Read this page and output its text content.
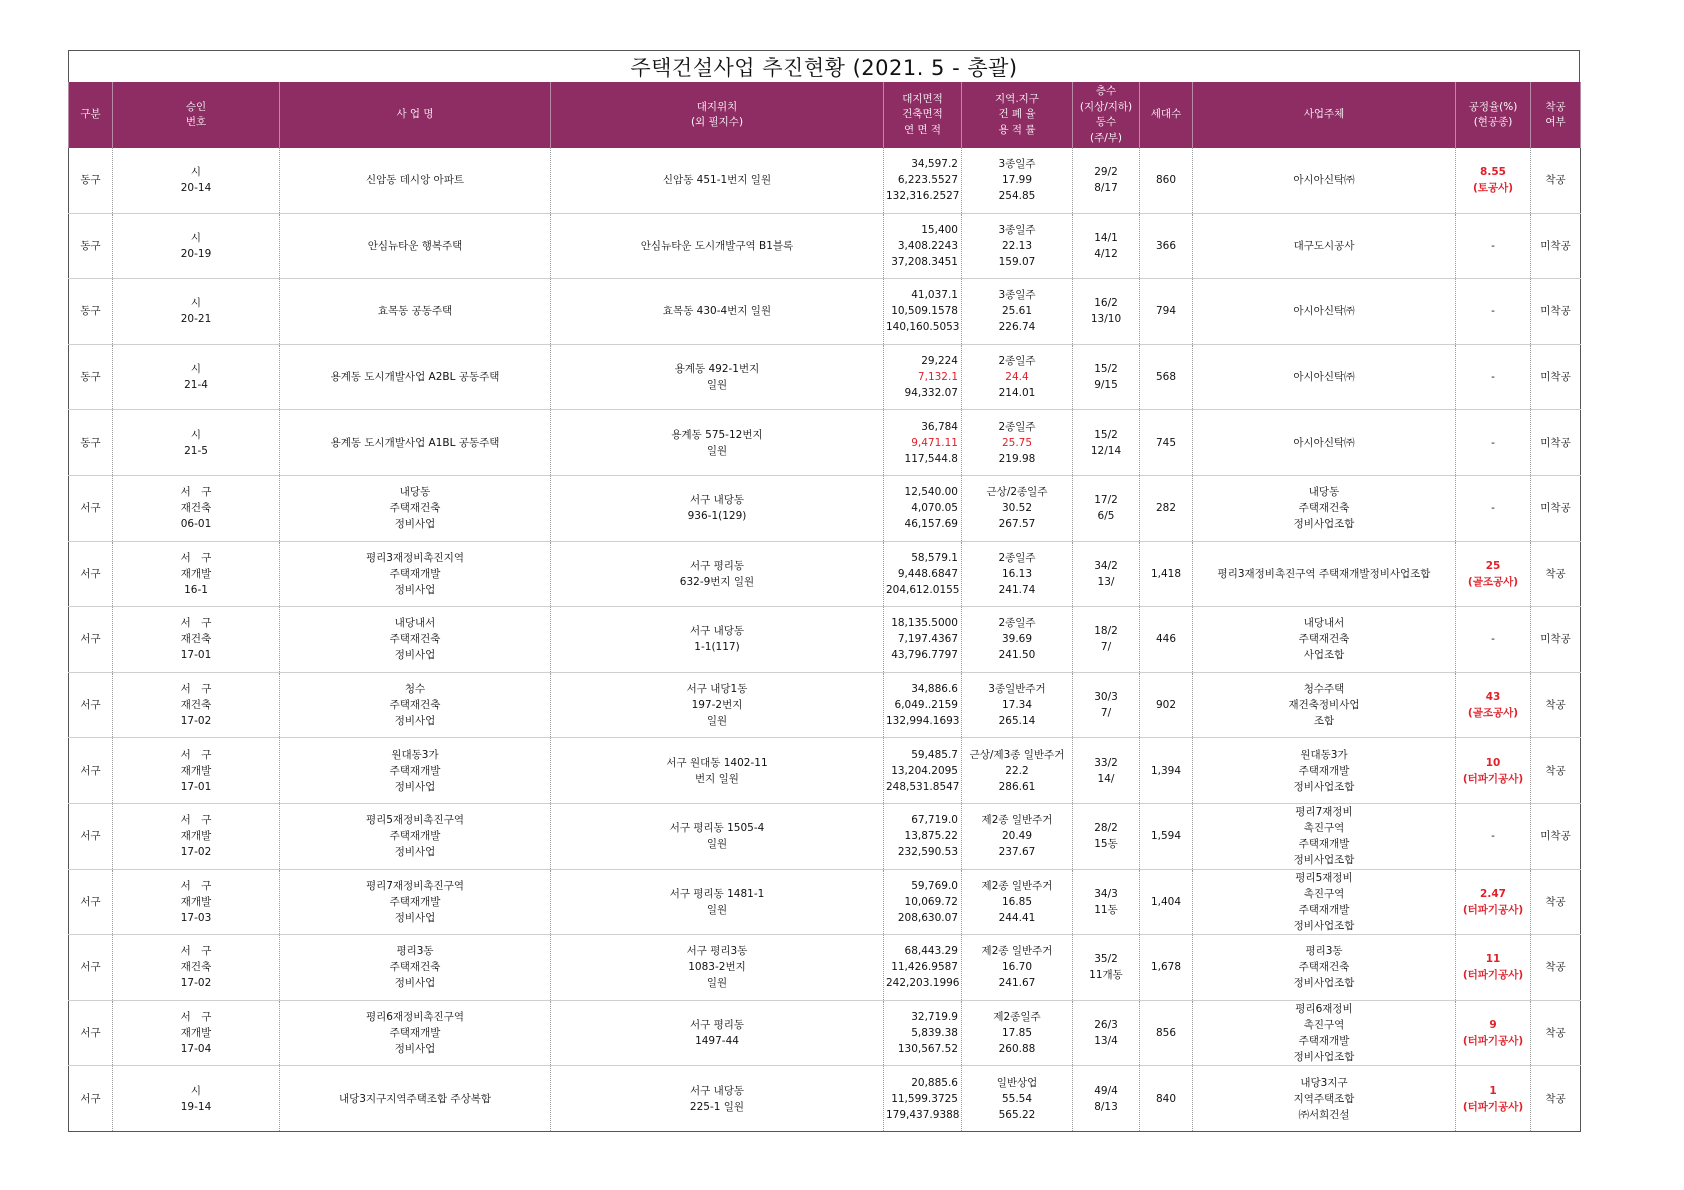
주택건설사업 추진현황 (2021. 5 - 총괄)
구분	승인
번호	사 업 명	대지위치
(외 필지수)	대지면적
건축면적
연 면 적	지역.지구
건 폐 율
용 적 률	층수
(지상/지하)
동수
(주/부)	세대수	사업주체	공정율(%)
(현공종)	착공
여부

동구	시
20-14	신암동 데시앙 아파트	신암동 451-1번지 일원	34,597.2
6,223.5527
132,316.2527	3종일주
17.99
254.85	29/2
8/17	860	아시아신탁㈜	8.55
(토공사)	착공

동구	시
20-19	안심뉴타운 행복주택	안심뉴타운 도시개발구역 B1블록	15,400
3,408.2243
37,208.3451	3종일주
22.13
159.07	14/1
4/12	366	대구도시공사	-	미착공

동구	시
20-21	효목동 공동주택	효목동 430-4번지 일원	41,037.1
10,509.1578
140,160.5053	3종일주
25.61
226.74	16/2
13/10	794	아시아신탁㈜	-	미착공

동구	시
21-4	용계동 도시개발사업 A2BL 공동주택	용계동 492-1번지
일원	29,224
7,132.1
94,332.07	2종일주
24.4
214.01	15/2
9/15	568	아시아신탁㈜	-	미착공

동구	시
21-5	용계동 도시개발사업 A1BL 공동주택	용계동 575-12번지
일원	36,784
9,471.11
117,544.8	2종일주
25.75
219.98	15/2
12/14	745	아시아신탁㈜	-	미착공

서구	서　구
재건축
06-01	내당동
주택재건축
정비사업	서구 내당동
936-1(129)	12,540.00
4,070.05
46,157.69	근상/2종일주
30.52
267.57	17/2
6/5	282	내당동
주택재건축
정비사업조합	-	미착공

서구	서　구
재개발
16-1	평리3재정비촉진지역
주택재개발
정비사업	서구 평리동
632-9번지 일원	58,579.1
9,448.6847
204,612.0155	2종일주
16.13
241.74	34/2
13/	1,418	평리3재정비촉진구역 주택재개발정비사업조합	25
(골조공사)	착공

서구	서　구
재건축
17-01	내당내서
주택재건축
정비사업	서구 내당동
1-1(117)	18,135.5000
7,197.4367
43,796.7797	2종일주
39.69
241.50	18/2
7/	446	내당내서
주택재건축
사업조합	-	미착공

서구	서　구
재건축
17-02	청수
주택재건축
정비사업	서구 내당1동
197-2번지
일원	34,886.6
6,049..2159
132,994.1693	3종일반주거
17.34
265.14	30/3
7/	902	청수주택
재건축정비사업
조합	43
(골조공사)	착공

서구	서　구
재개발
17-01	원대동3가
주택재개발
정비사업	서구 원대동 1402-11
번지 일원	59,485.7
13,204.2095
248,531.8547	근상/제3종 일반주거
22.2
286.61	33/2
14/	1,394	원대동3가
주택재개발
정비사업조합	10
(터파기공사)	착공

서구	서　구
재개발
17-02	평리5재정비촉진구역
주택재개발
정비사업	서구 평리동 1505-4
일원	67,719.0
13,875.22
232,590.53	제2종 일반주거
20.49
237.67	28/2
15동	1,594	평리7재정비
촉진구역
주택재개발
정비사업조합	-	미착공

서구	서　구
재개발
17-03	평리7재정비촉진구역
주택재개발
정비사업	서구 평리동 1481-1
일원	59,769.0
10,069.72
208,630.07	제2종 일반주거
16.85
244.41	34/3
11동	1,404	평리5재정비
촉진구역
주택재개발
정비사업조합	2.47
(터파기공사)	착공

서구	서　구
재건축
17-02	평리3동
주택재건축
정비사업	서구 평리3동
1083-2번지
일원	68,443.29
11,426.9587
242,203.1996	제2종 일반주거
16.70
241.67	35/2
11개동	1,678	평리3동
주택재건축
정비사업조합	11
(터파기공사)	착공

서구	서　구
재개발
17-04	평리6재정비촉진구역
주택재개발
정비사업	서구 평리동
1497-44	32,719.9
5,839.38
130,567.52	제2종일주
17.85
260.88	26/3
13/4	856	평리6재정비
촉진구역
주택재개발
정비사업조합	9
(터파기공사)	착공

서구	시
19-14	내당3지구지역주택조합 주상복합	서구 내당동
225-1 일원	20,885.6
11,599.3725
179,437.9388	일반상업
55.54
565.22	49/4
8/13	840	내당3지구
지역주택조합
㈜서희건설	1
(터파기공사)	착공
